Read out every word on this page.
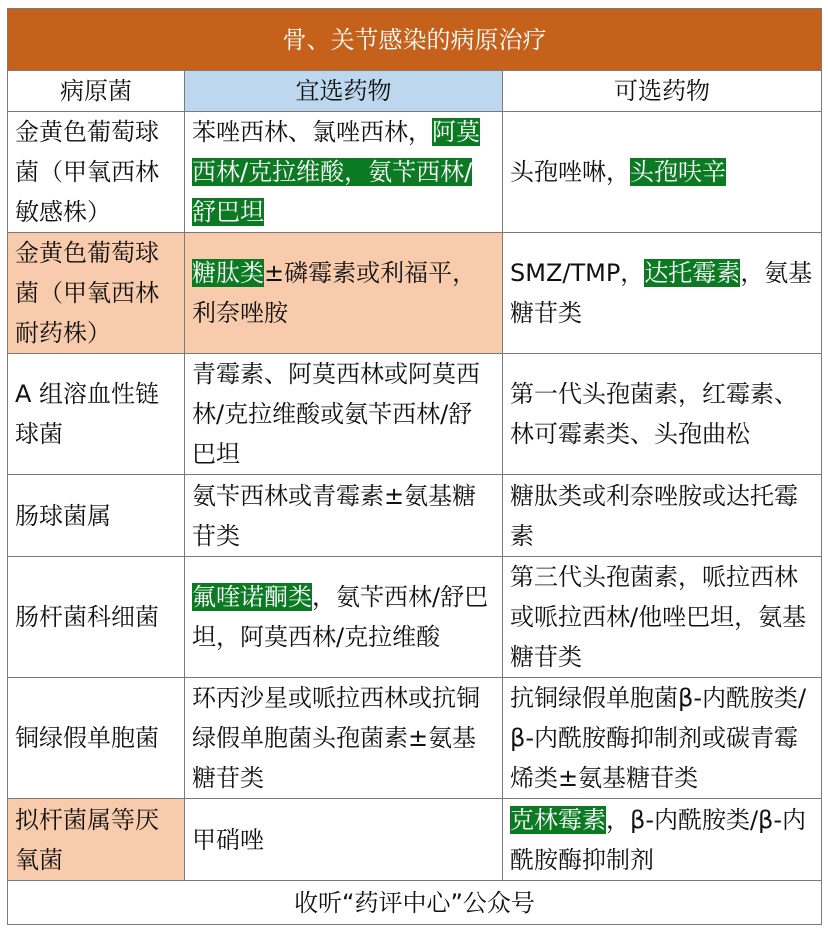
骨、关节感染的病原治疗		
病原菌	宜选药物	可选药物
金黄色葡萄球菌（甲氧西林敏感株）	苯唑西林、氯唑西林，阿莫西林/克拉维酸，氨苄西林/舒巴坦	头孢唑啉，头孢呋辛
金黄色葡萄球菌（甲氧西林耐药株）	糖肽类±磷霉素或利福平，利奈唑胺	SMZ/TMP，达托霉素，氨基糖苷类
A 组溶血性链球菌	青霉素、阿莫西林或阿莫西林/克拉维酸或氨苄西林/舒巴坦	第一代头孢菌素，红霉素、林可霉素类、头孢曲松
肠球菌属	氨苄西林或青霉素±氨基糖苷类	糖肽类或利奈唑胺或达托霉素
肠杆菌科细菌	氟喹诺酮类，氨苄西林/舒巴坦，阿莫西林/克拉维酸	第三代头孢菌素，哌拉西林或哌拉西林/他唑巴坦，氨基糖苷类
铜绿假单胞菌	环丙沙星或哌拉西林或抗铜绿假单胞菌头孢菌素±氨基糖苷类	抗铜绿假单胞菌β-内酰胺类/β-内酰胺酶抑制剂或碳青霉烯类±氨基糖苷类
拟杆菌属等厌氧菌	甲硝唑	克林霉素，β-内酰胺类/β-内酰胺酶抑制剂
收听“药评中心”公众号		
